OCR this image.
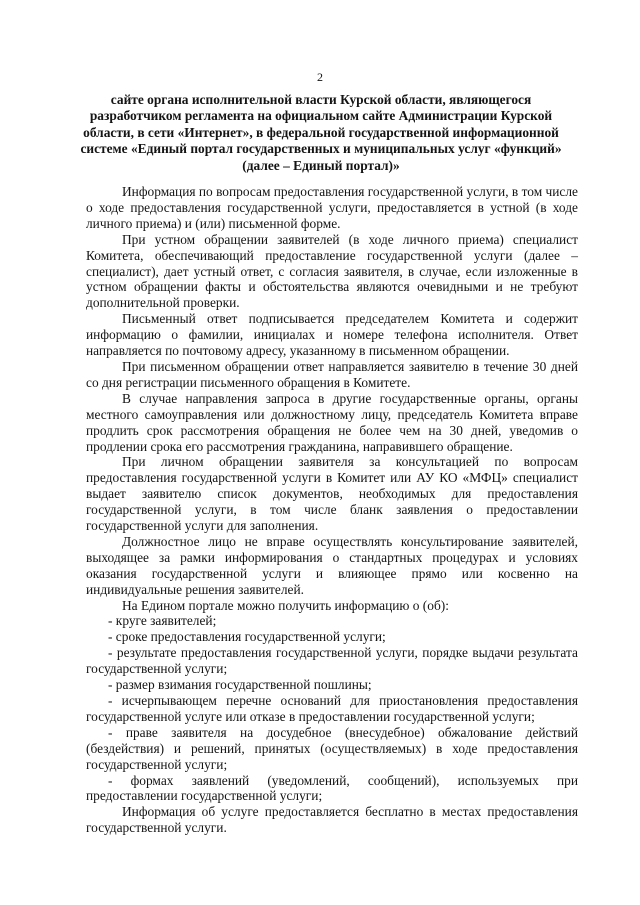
2
сайте органа исполнительной власти Курской области, являющегося разработчиком регламента на официальном сайте Администрации Курской области, в сети «Интернет», в федеральной государственной информационной системе «Единый портал государственных и муниципальных услуг «функций» (далее – Единый портал)»

Информация по вопросам предоставления государственной услуги, в том числе о ходе предоставления государственной услуги, предоставляется в устной (в ходе личного приема) и (или) письменной форме.

При устном обращении заявителей (в ходе личного приема) специалист Комитета, обеспечивающий предоставление государственной услуги (далее – специалист), дает устный ответ, с согласия заявителя, в случае, если изложенные в устном обращении факты и обстоятельства являются очевидными и не требуют дополнительной проверки.

Письменный ответ подписывается председателем Комитета и содержит информацию о фамилии, инициалах и номере телефона исполнителя. Ответ направляется по почтовому адресу, указанному в письменном обращении.

При письменном обращении ответ направляется заявителю в течение 30 дней со дня регистрации письменного обращения в Комитете.

В случае направления запроса в другие государственные органы, органы местного самоуправления или должностному лицу, председатель Комитета вправе продлить срок рассмотрения обращения не более чем на 30 дней, уведомив о продлении срока его рассмотрения гражданина, направившего обращение.

При личном обращении заявителя за консультацией по вопросам предоставления государственной услуги в Комитет или АУ КО «МФЦ» специалист выдает заявителю список документов, необходимых для предоставления государственной услуги, в том числе бланк заявления о предоставлении государственной услуги для заполнения.

Должностное лицо не вправе осуществлять консультирование заявителей, выходящее за рамки информирования о стандартных процедурах и условиях оказания государственной услуги и влияющее прямо или косвенно на индивидуальные решения заявителей.

На Едином портале можно получить информацию о (об):

- круге заявителей;

- сроке предоставления государственной услуги;

- результате предоставления государственной услуги, порядке выдачи результата государственной услуги;

- размер взимания государственной пошлины;

- исчерпывающем перечне оснований для приостановления предоставления государственной услуге или отказе в предоставлении государственной услуги;

- праве заявителя на досудебное (внесудебное) обжалование действий (бездействия) и решений, принятых (осуществляемых) в ходе предоставления государственной услуги;

- формах заявлений (уведомлений, сообщений), используемых при предоставлении государственной услуги;

Информация об услуге предоставляется бесплатно в местах предоставления государственной услуги.
